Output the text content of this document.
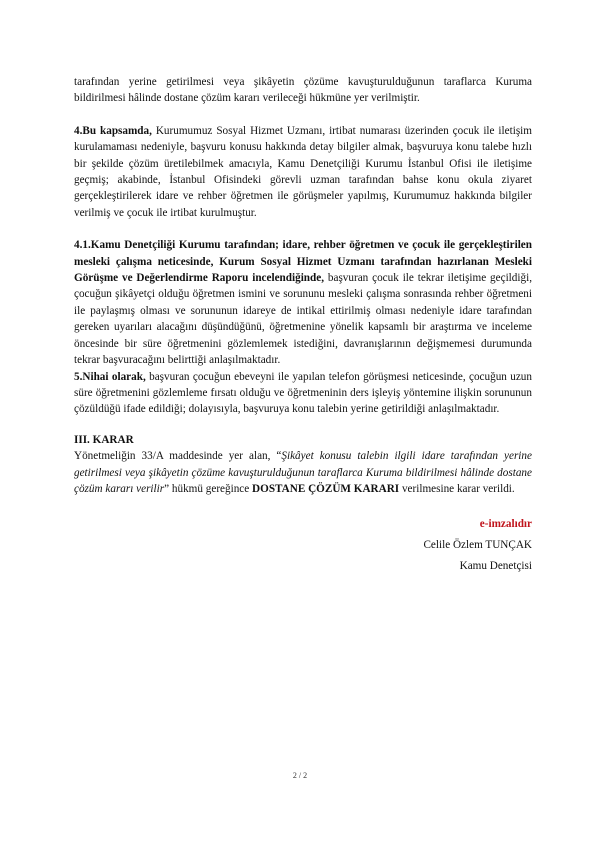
tarafından yerine getirilmesi veya şikâyetin çözüme kavuşturulduğunun taraflarca Kuruma bildirilmesi hâlinde dostane çözüm kararı verileceği hükmüne yer verilmiştir.

4.Bu kapsamda, Kurumumuz Sosyal Hizmet Uzmanı, irtibat numarası üzerinden çocuk ile iletişim kurulamaması nedeniyle, başvuru konusu hakkında detay bilgiler almak, başvuruya konu talebe hızlı bir şekilde çözüm üretilebilmek amacıyla, Kamu Denetçiliği Kurumu İstanbul Ofisi ile iletişime geçmiş; akabinde, İstanbul Ofisindeki görevli uzman tarafından bahse konu okula ziyaret gerçekleştirilerek idare ve rehber öğretmen ile görüşmeler yapılmış, Kurumumuz hakkında bilgiler verilmiş ve çocuk ile irtibat kurulmuştur.

4.1.Kamu Denetçiliği Kurumu tarafından; idare, rehber öğretmen ve çocuk ile gerçekleştirilen mesleki çalışma neticesinde, Kurum Sosyal Hizmet Uzmanı tarafından hazırlanan Mesleki Görüşme ve Değerlendirme Raporu incelendiğinde, başvuran çocuk ile tekrar iletişime geçildiği, çocuğun şikâyetçi olduğu öğretmen ismini ve sorununu mesleki çalışma sonrasında rehber öğretmeni ile paylaşmış olması ve sorununun idareye de intikal ettirilmiş olması nedeniyle idare tarafından gereken uyarıları alacağını düşündüğünü, öğretmenine yönelik kapsamlı bir araştırma ve inceleme öncesinde bir süre öğretmenini gözlemlemek istediğini, davranışlarının değişmemesi durumunda tekrar başvuracağını belirttiği anlaşılmaktadır.

5.Nihai olarak, başvuran çocuğun ebeveyni ile yapılan telefon görüşmesi neticesinde, çocuğun uzun süre öğretmenini gözlemleme fırsatı olduğu ve öğretmeninin ders işleyiş yöntemine ilişkin sorununun çözüldüğü ifade edildiği; dolayısıyla, başvuruya konu talebin yerine getirildiği anlaşılmaktadır.

III. KARAR

Yönetmeliğin 33/A maddesinde yer alan, “Şikâyet konusu talebin ilgili idare tarafından yerine getirilmesi veya şikâyetin çözüme kavuşturulduğunun taraflarca Kuruma bildirilmesi hâlinde dostane çözüm kararı verilir” hükmü gereğince DOSTANE ÇÖZÜM KARARI verilmesine karar verildi.

e-imzalıdır
Celile Özlem TUNÇAK
Kamu Denetçisi
2 / 2
